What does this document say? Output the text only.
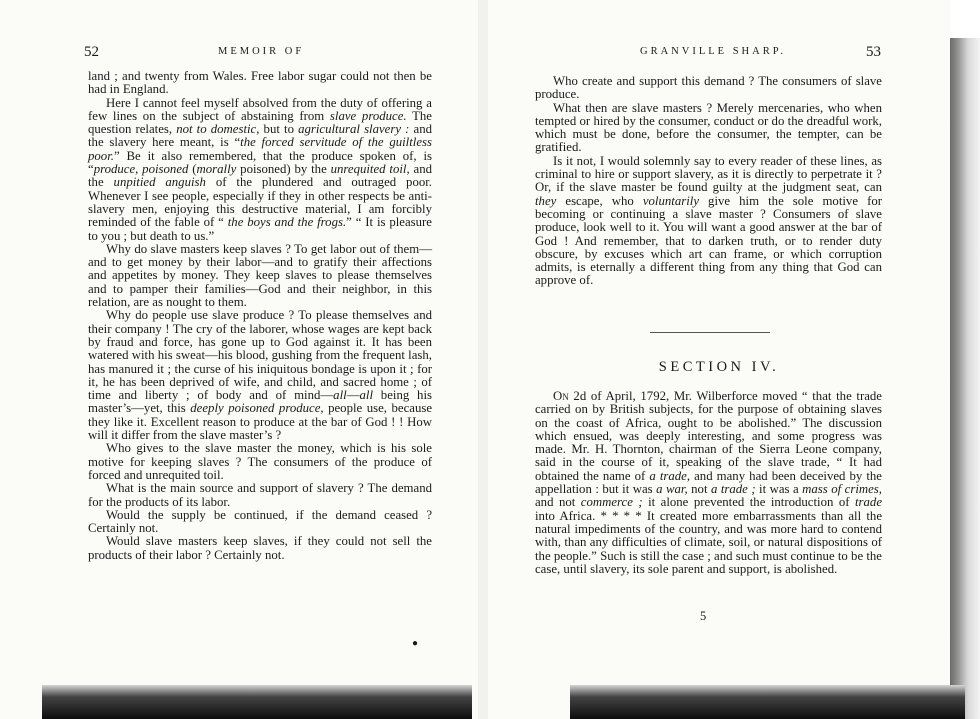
52	MEMOIR OF

land ; and twenty from Wales. Free labor sugar could not then be had in England.

Here I cannot feel myself absolved from the duty of offering a few lines on the subject of abstaining from slave produce. The question relates, not to domestic, but to agricultural slavery : and the slavery here meant, is “the forced servitude of the guiltless poor.” Be it also remembered, that the produce spoken of, is “produce, poisoned (morally poisoned) by the unrequited toil, and the unpitied anguish of the plundered and outraged poor. Whenever I see people, especially if they in other respects be anti-slavery men, enjoying this destructive material, I am forcibly reminded of the fable of “ the boys and the frogs.” “ It is pleasure to you ; but death to us.”

Why do slave masters keep slaves ? To get labor out of them—and to get money by their labor—and to gratify their affections and appetites by money. They keep slaves to please themselves and to pamper their families—God and their neighbor, in this relation, are as nought to them.

Why do people use slave produce ? To please themselves and their company ! The cry of the laborer, whose wages are kept back by fraud and force, has gone up to God against it. It has been watered with his sweat—his blood, gushing from the frequent lash, has manured it ; the curse of his iniquitous bondage is upon it ; for it, he has been deprived of wife, and child, and sacred home ; of time and liberty ; of body and of mind—all—all being his master’s—yet, this deeply poisoned produce, people use, because they like it. Excellent reason to produce at the bar of God ! ! How will it differ from the slave master’s ?

Who gives to the slave master the money, which is his sole motive for keeping slaves ? The consumers of the produce of forced and unrequited toil.

What is the main source and support of slavery ? The demand for the products of its labor.

Would the supply be continued, if the demand ceased ? Certainly not.

Would slave masters keep slaves, if they could not sell the products of their labor ? Certainly not.

●
GRANVILLE SHARP.	53

Who create and support this demand ? The consumers of slave produce.

What then are slave masters ? Merely mercenaries, who when tempted or hired by the consumer, conduct or do the dreadful work, which must be done, before the consumer, the tempter, can be gratified.

Is it not, I would solemnly say to every reader of these lines, as criminal to hire or support slavery, as it is directly to perpetrate it ? Or, if the slave master be found guilty at the judgment seat, can they escape, who voluntarily give him the sole motive for becoming or continuing a slave master ? Consumers of slave produce, look well to it. You will want a good answer at the bar of God ! And remember, that to darken truth, or to render duty obscure, by excuses which art can frame, or which corruption admits, is eternally a different thing from any thing that God can approve of.

SECTION IV.

On 2d of April, 1792, Mr. Wilberforce moved “ that the trade carried on by British subjects, for the purpose of obtaining slaves on the coast of Africa, ought to be abolished.” The discussion which ensued, was deeply interesting, and some progress was made. Mr. H. Thornton, chairman of the Sierra Leone company, said in the course of it, speaking of the slave trade, “ It had obtained the name of a trade, and many had been deceived by the appellation : but it was a war, not a trade ; it was a mass of crimes, and not commerce ; it alone prevented the introduction of trade into Africa. * * * * It created more embarrassments than all the natural impediments of the country, and was more hard to contend with, than any difficulties of climate, soil, or natural dispositions of the people.” Such is still the case ; and such must continue to be the case, until slavery, its sole parent and support, is abolished.

5
